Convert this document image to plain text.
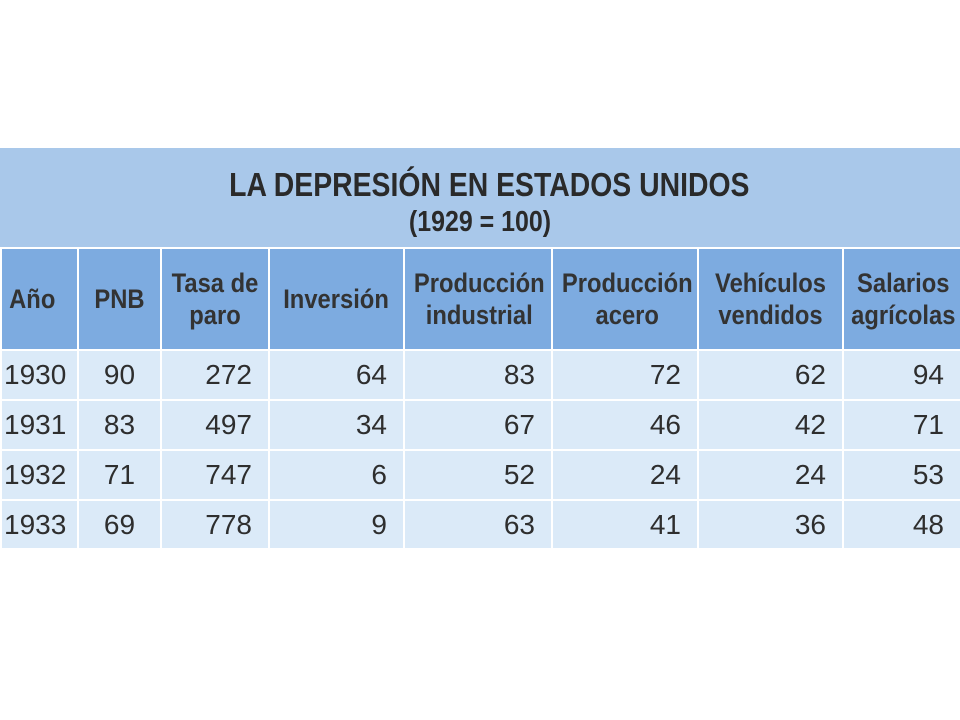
LA DEPRESIÓN EN ESTADOS UNIDOS
(1929 = 100)
Año	PNB	Tasa de paro	Inversión	Producción industrial	Producción acero	Vehículos vendidos	Salarios agrícolas
1930	90	272	64	83	72	62	94
1931	83	497	34	67	46	42	71
1932	71	747	6	52	24	24	53
1933	69	778	9	63	41	36	48
